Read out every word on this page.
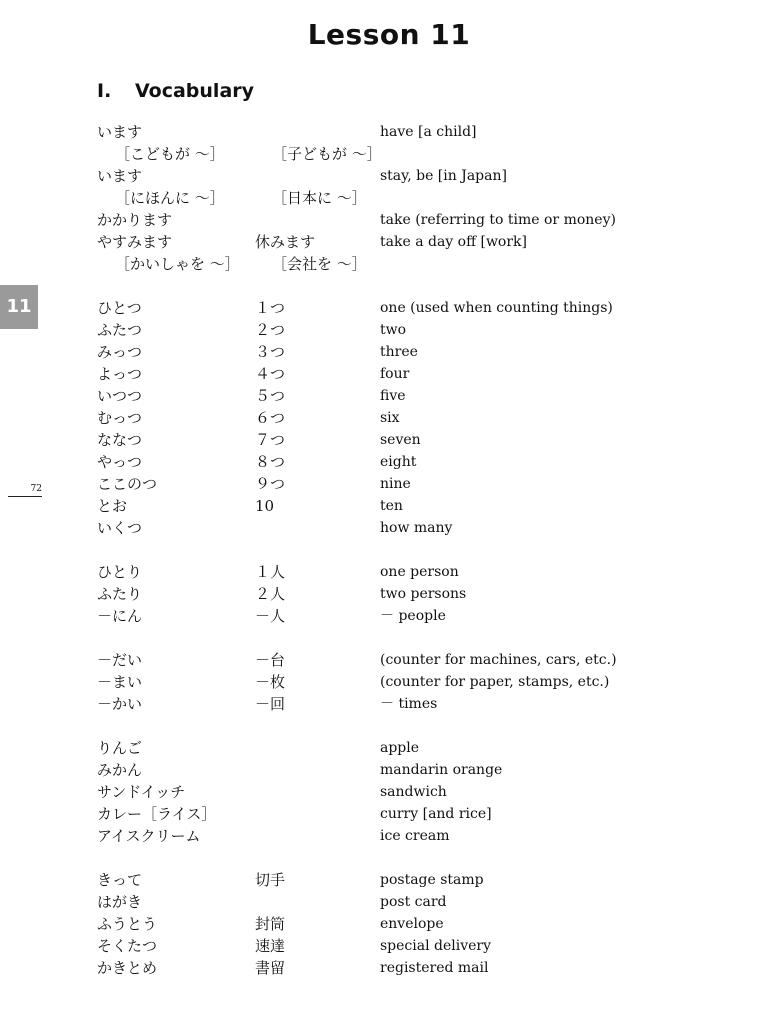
Lesson 11
I. Vocabulary
11
72
います	have [a child]
［こどもが ～］	［子どもが ～］
います	stay, be [in Japan]
［にほんに ～］	［日本に ～］
かかります	take (referring to time or money)
やすみます	休みます	take a day off [work]
［かいしゃを ～］ ［会社を ～］
ひとつ	１つ	one (used when counting things)
ふたつ	２つ	two
みっつ	３つ	three
よっつ	４つ	four
いつつ	５つ	five
むっつ	６つ	six
ななつ	７つ	seven
やっつ	８つ	eight
ここのつ	９つ	nine
とお	10	ten
いくつ	how many
ひとり	１人	one person
ふたり	２人	two persons
－にん	－人	－ people
－だい	－台	(counter for machines, cars, etc.)
－まい	－枚	(counter for paper, stamps, etc.)
－かい	－回	－ times
りんご	apple
みかん	mandarin orange
サンドイッチ	sandwich
カレー［ライス］	curry [and rice]
アイスクリーム	ice cream
きって	切手	postage stamp
はがき	post card
ふうとう	封筒	envelope
そくたつ	速達	special delivery
かきとめ	書留	registered mail
